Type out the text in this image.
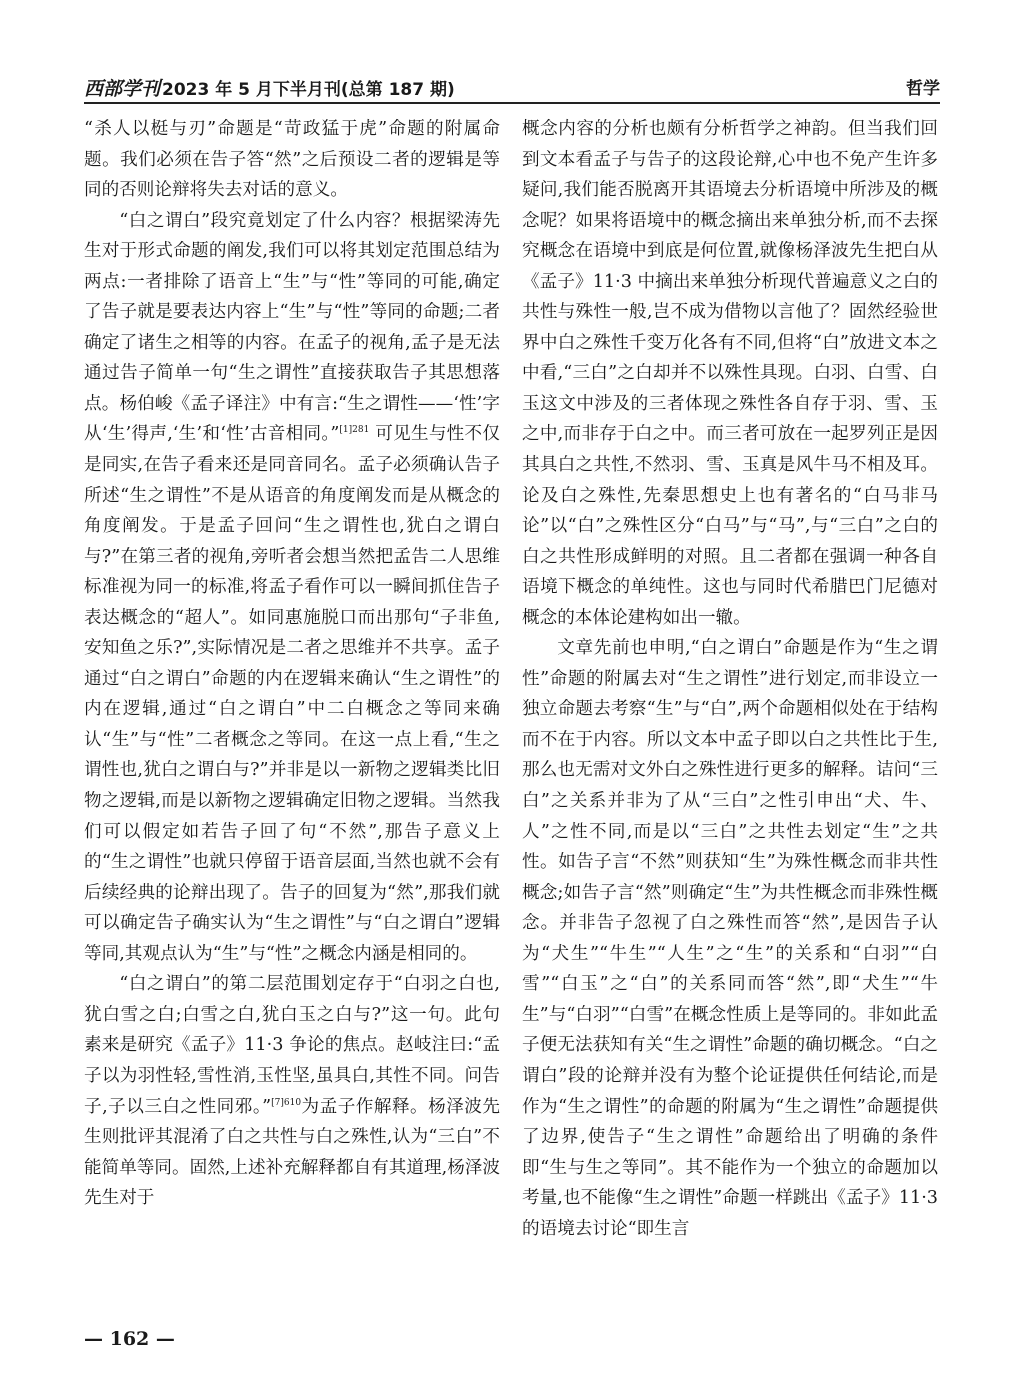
西部学刊 2023 年 5 月下半月刊(总第 187 期)	哲学

“杀人以梃与刃”命题是“苛政猛于虎”命题的附属命题。我们必须在告子答“然”之后预设二者的逻辑是等同的否则论辩将失去对话的意义。

“白之谓白”段究竟划定了什么内容？根据梁涛先生对于形式命题的阐发,我们可以将其划定范围总结为两点:一者排除了语音上“生”与“性”等同的可能,确定了告子就是要表达内容上“生”与“性”等同的命题;二者确定了诸生之相等的内容。在孟子的视角,孟子是无法通过告子简单一句“生之谓性”直接获取告子其思想落点。杨伯峻《孟子译注》中有言:“生之谓性——‘性’字从‘生’得声,‘生’和‘性’古音相同。”$^{[1]281}$ 可见生与性不仅是同实,在告子看来还是同音同名。孟子必须确认告子所述“生之谓性”不是从语音的角度阐发而是从概念的角度阐发。于是孟子回问“生之谓性也,犹白之谓白与?”在第三者的视角,旁听者会想当然把孟告二人思维标准视为同一的标准,将孟子看作可以一瞬间抓住告子表达概念的“超人”。如同惠施脱口而出那句“子非鱼,安知鱼之乐?”,实际情况是二者之思维并不共享。孟子通过“白之谓白”命题的内在逻辑来确认“生之谓性”的内在逻辑,通过“白之谓白”中二白概念之等同来确认“生”与“性”二者概念之等同。在这一点上看,“生之谓性也,犹白之谓白与?”并非是以一新物之逻辑类比旧物之逻辑,而是以新物之逻辑确定旧物之逻辑。当然我们可以假定如若告子回了句“不然”,那告子意义上的“生之谓性”也就只停留于语音层面,当然也就不会有后续经典的论辩出现了。告子的回复为“然”,那我们就可以确定告子确实认为“生之谓性”与“白之谓白”逻辑等同,其观点认为“生”与“性”之概念内涵是相同的。

“白之谓白”的第二层范围划定存于“白羽之白也,犹白雪之白;白雪之白,犹白玉之白与?”这一句。此句素来是研究《孟子》11·3 争论的焦点。赵岐注曰:“孟子以为羽性轻,雪性消,玉性坚,虽具白,其性不同。问告子,子以三白之性同邪。”$^{[7]610}$为孟子作解释。杨泽波先生则批评其混淆了白之共性与白之殊性,认为“三白”不能简单等同。固然,上述补充解释都自有其道理,杨泽波先生对于

概念内容的分析也颇有分析哲学之神韵。但当我们回到文本看孟子与告子的这段论辩,心中也不免产生许多疑问,我们能否脱离开其语境去分析语境中所涉及的概念呢？如果将语境中的概念摘出来单独分析,而不去探究概念在语境中到底是何位置,就像杨泽波先生把白从《孟子》11·3 中摘出来单独分析现代普遍意义之白的共性与殊性一般,岂不成为借物以言他了？固然经验世界中白之殊性千变万化各有不同,但将“白”放进文本之中看,“三白”之白却并不以殊性具现。白羽、白雪、白玉这文中涉及的三者体现之殊性各自存于羽、雪、玉之中,而非存于白之中。而三者可放在一起罗列正是因其具白之共性,不然羽、雪、玉真是风牛马不相及耳。论及白之殊性,先秦思想史上也有著名的“白马非马论”以“白”之殊性区分“白马”与“马”,与“三白”之白的白之共性形成鲜明的对照。且二者都在强调一种各自语境下概念的单纯性。这也与同时代希腊巴门尼德对概念的本体论建构如出一辙。

文章先前也申明,“白之谓白”命题是作为“生之谓性”命题的附属去对“生之谓性”进行划定,而非设立一独立命题去考察“生”与“白”,两个命题相似处在于结构而不在于内容。所以文本中孟子即以白之共性比于生,那么也无需对文外白之殊性进行更多的解释。诘问“三白”之关系并非为了从“三白”之性引申出“犬、牛、人”之性不同,而是以“三白”之共性去划定“生”之共性。如告子言“不然”则获知“生”为殊性概念而非共性概念;如告子言“然”则确定“生”为共性概念而非殊性概念。并非告子忽视了白之殊性而答“然”,是因告子认为“犬生”“牛生”“人生”之“生”的关系和“白羽”“白雪”“白玉”之“白”的关系同而答“然”,即“犬生”“牛生”与“白羽”“白雪”在概念性质上是等同的。非如此孟子便无法获知有关“生之谓性”命题的确切概念。“白之谓白”段的论辩并没有为整个论证提供任何结论,而是作为“生之谓性”的命题的附属为“生之谓性”命题提供了边界,使告子“生之谓性”命题给出了明确的条件即“生与生之等同”。其不能作为一个独立的命题加以考量,也不能像“生之谓性”命题一样跳出《孟子》11·3 的语境去讨论“即生言

— 162 —
